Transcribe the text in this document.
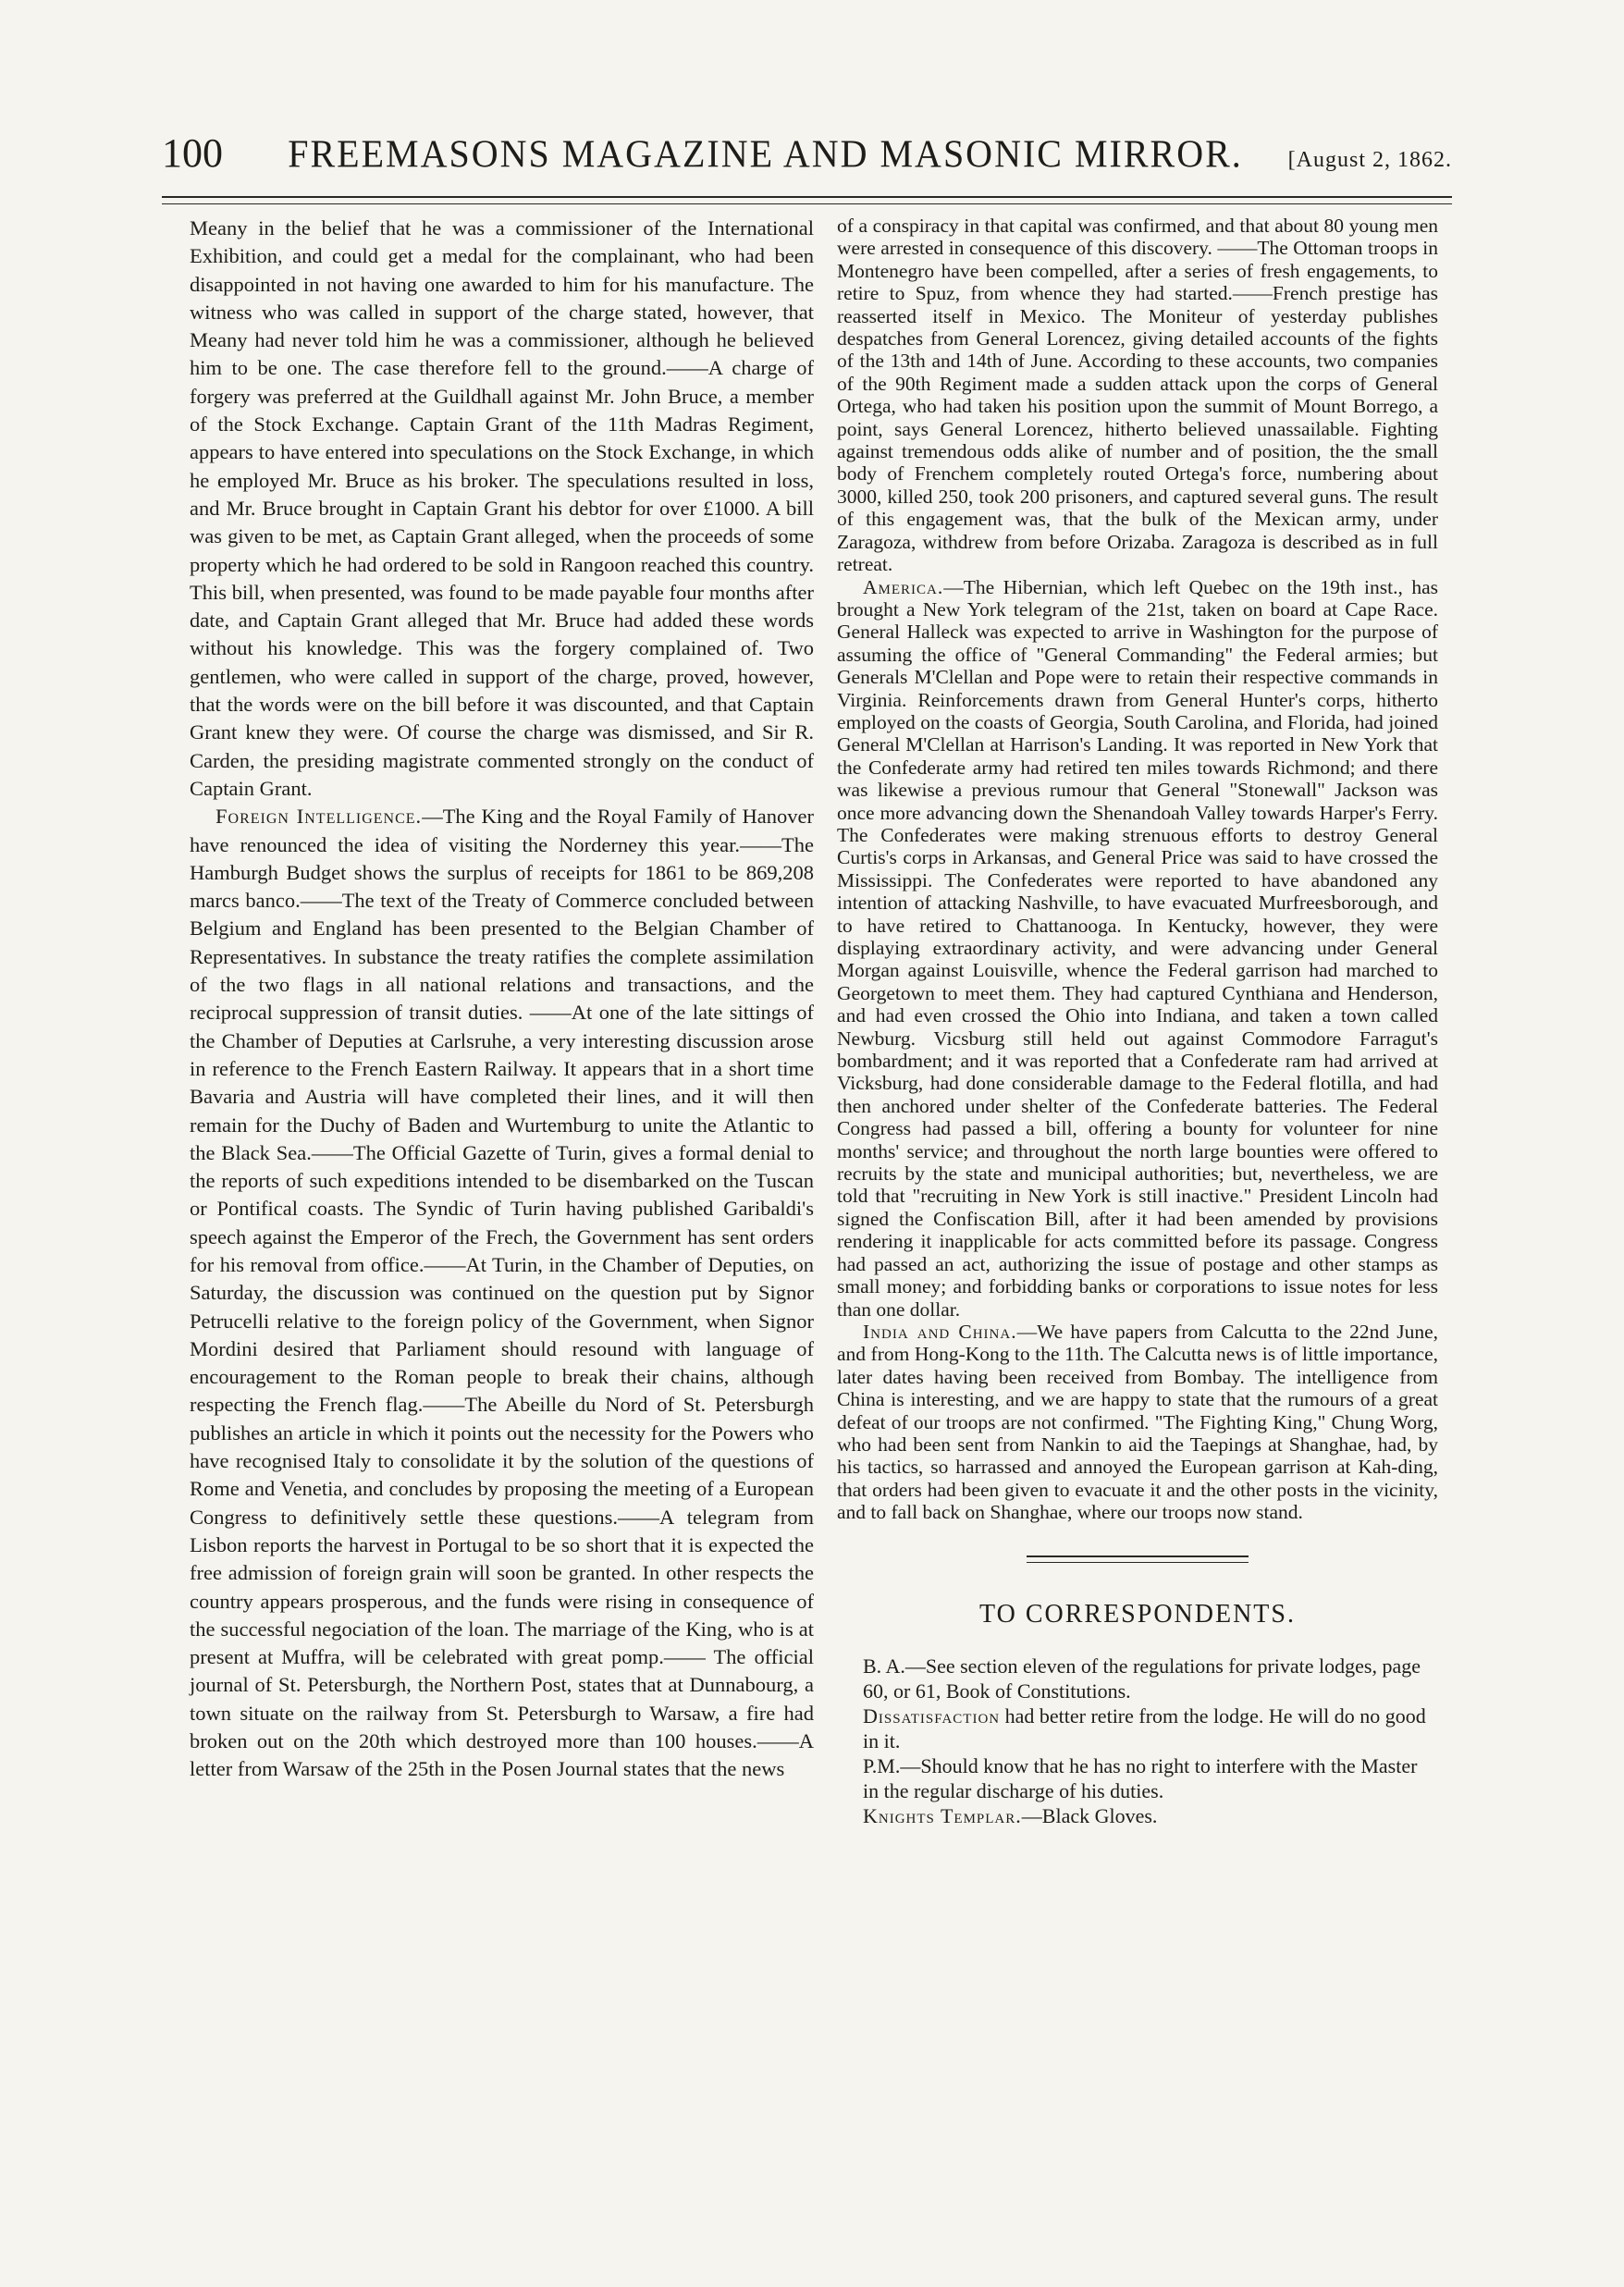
100	FREEMASONS MAGAZINE AND MASONIC MIRROR.	[August 2, 1862.

Meany in the belief that he was a commissioner of the International Exhibition, and could get a medal for the complainant, who had been disappointed in not having one awarded to him for his manufacture. The witness who was called in support of the charge stated, however, that Meany had never told him he was a commissioner, although he believed him to be one. The case therefore fell to the ground.——A charge of forgery was preferred at the Guildhall against Mr. John Bruce, a member of the Stock Exchange. Captain Grant of the 11th Madras Regiment, appears to have entered into speculations on the Stock Exchange, in which he employed Mr. Bruce as his broker. The speculations resulted in loss, and Mr. Bruce brought in Captain Grant his debtor for over £1000. A bill was given to be met, as Captain Grant alleged, when the proceeds of some property which he had ordered to be sold in Rangoon reached this country. This bill, when presented, was found to be made payable four months after date, and Captain Grant alleged that Mr. Bruce had added these words without his knowledge. This was the forgery complained of. Two gentlemen, who were called in support of the charge, proved, however, that the words were on the bill before it was discounted, and that Captain Grant knew they were. Of course the charge was dismissed, and Sir R. Carden, the presiding magistrate commented strongly on the conduct of Captain Grant.

Foreign Intelligence.—The King and the Royal Family of Hanover have renounced the idea of visiting the Norderney this year.——The Hamburgh Budget shows the surplus of receipts for 1861 to be 869,208 marcs banco.——The text of the Treaty of Commerce concluded between Belgium and England has been presented to the Belgian Chamber of Representatives. In substance the treaty ratifies the complete assimilation of the two flags in all national relations and transactions, and the reciprocal suppression of transit duties. ——At one of the late sittings of the Chamber of Deputies at Carlsruhe, a very interesting discussion arose in reference to the French Eastern Railway. It appears that in a short time Bavaria and Austria will have completed their lines, and it will then remain for the Duchy of Baden and Wurtemburg to unite the Atlantic to the Black Sea.——The Official Gazette of Turin, gives a formal denial to the reports of such expeditions intended to be disembarked on the Tuscan or Pontifical coasts. The Syndic of Turin having published Garibaldi's speech against the Emperor of the Frech, the Government has sent orders for his removal from office.——At Turin, in the Chamber of Deputies, on Saturday, the discussion was continued on the question put by Signor Petrucelli relative to the foreign policy of the Government, when Signor Mordini desired that Parliament should resound with language of encouragement to the Roman people to break their chains, although respecting the French flag.——The Abeille du Nord of St. Petersburgh publishes an article in which it points out the necessity for the Powers who have recognised Italy to consolidate it by the solution of the questions of Rome and Venetia, and concludes by proposing the meeting of a European Congress to definitively settle these questions.——A telegram from Lisbon reports the harvest in Portugal to be so short that it is expected the free admission of foreign grain will soon be granted. In other respects the country appears prosperous, and the funds were rising in consequence of the successful negociation of the loan. The marriage of the King, who is at present at Muffra, will be celebrated with great pomp.—— The official journal of St. Petersburgh, the Northern Post, states that at Dunnabourg, a town situate on the railway from St. Petersburgh to Warsaw, a fire had broken out on the 20th which destroyed more than 100 houses.——A letter from Warsaw of the 25th in the Posen Journal states that the news

of a conspiracy in that capital was confirmed, and that about 80 young men were arrested in consequence of this discovery. ——The Ottoman troops in Montenegro have been compelled, after a series of fresh engagements, to retire to Spuz, from whence they had started.——French prestige has reasserted itself in Mexico. The Moniteur of yesterday publishes despatches from General Lorencez, giving detailed accounts of the fights of the 13th and 14th of June. According to these accounts, two companies of the 90th Regiment made a sudden attack upon the corps of General Ortega, who had taken his position upon the summit of Mount Borrego, a point, says General Lorencez, hitherto believed unassailable. Fighting against tremendous odds alike of number and of position, the the small body of Frenchem completely routed Ortega's force, numbering about 3000, killed 250, took 200 prisoners, and captured several guns. The result of this engagement was, that the bulk of the Mexican army, under Zaragoza, withdrew from before Orizaba. Zaragoza is described as in full retreat.

America.—The Hibernian, which left Quebec on the 19th inst., has brought a New York telegram of the 21st, taken on board at Cape Race. General Halleck was expected to arrive in Washington for the purpose of assuming the office of "General Commanding" the Federal armies; but Generals M'Clellan and Pope were to retain their respective commands in Virginia. Reinforcements drawn from General Hunter's corps, hitherto employed on the coasts of Georgia, South Carolina, and Florida, had joined General M'Clellan at Harrison's Landing. It was reported in New York that the Confederate army had retired ten miles towards Richmond; and there was likewise a previous rumour that General "Stonewall" Jackson was once more advancing down the Shenandoah Valley towards Harper's Ferry. The Confederates were making strenuous efforts to destroy General Curtis's corps in Arkansas, and General Price was said to have crossed the Mississippi. The Confederates were reported to have abandoned any intention of attacking Nashville, to have evacuated Murfreesborough, and to have retired to Chattanooga. In Kentucky, however, they were displaying extraordinary activity, and were advancing under General Morgan against Louisville, whence the Federal garrison had marched to Georgetown to meet them. They had captured Cynthiana and Henderson, and had even crossed the Ohio into Indiana, and taken a town called Newburg. Vicsburg still held out against Commodore Farragut's bombardment; and it was reported that a Confederate ram had arrived at Vicksburg, had done considerable damage to the Federal flotilla, and had then anchored under shelter of the Confederate batteries. The Federal Congress had passed a bill, offering a bounty for volunteer for nine months' service; and throughout the north large bounties were offered to recruits by the state and municipal authorities; but, nevertheless, we are told that "recruiting in New York is still inactive." President Lincoln had signed the Confiscation Bill, after it had been amended by provisions rendering it inapplicable for acts committed before its passage. Congress had passed an act, authorizing the issue of postage and other stamps as small money; and forbidding banks or corporations to issue notes for less than one dollar.

India and China.—We have papers from Calcutta to the 22nd June, and from Hong-Kong to the 11th. The Calcutta news is of little importance, later dates having been received from Bombay. The intelligence from China is interesting, and we are happy to state that the rumours of a great defeat of our troops are not confirmed. "The Fighting King," Chung Worg, who had been sent from Nankin to aid the Taepings at Shanghae, had, by his tactics, so harrassed and annoyed the European garrison at Kah-ding, that orders had been given to evacuate it and the other posts in the vicinity, and to fall back on Shanghae, where our troops now stand.

TO CORRESPONDENTS.

B. A.—See section eleven of the regulations for private lodges, page 60, or 61, Book of Constitutions.

Dissatisfaction had better retire from the lodge. He will do no good in it.

P.M.—Should know that he has no right to interfere with the Master in the regular discharge of his duties.

Knights Templar.—Black Gloves.
